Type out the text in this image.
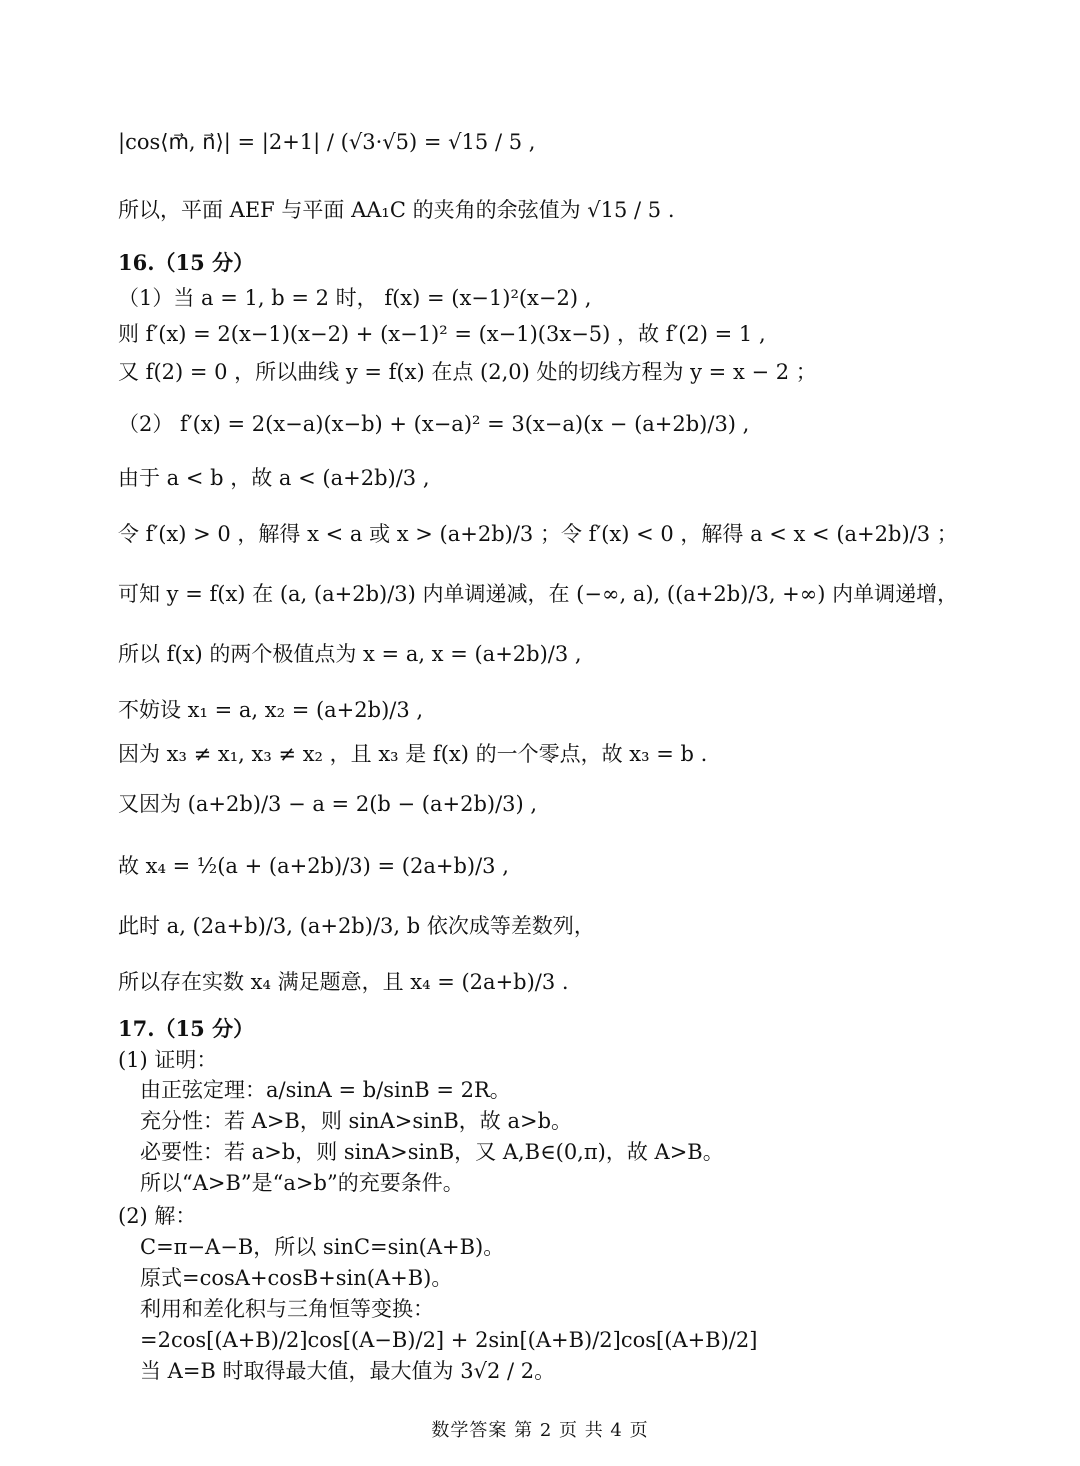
|cos⟨m⃗, n⃗⟩| = |2+1| / (√3·√5) = √15 / 5 ,
所以，平面 AEF 与平面 AA₁C 的夹角的余弦值为 √15 / 5 .
16.（15 分）
（1）当 a = 1, b = 2 时， f(x) = (x−1)²(x−2) ,
则 f′(x) = 2(x−1)(x−2) + (x−1)² = (x−1)(3x−5) ，故 f′(2) = 1 ,
又 f(2) = 0 ，所以曲线 y = f(x) 在点 (2,0) 处的切线方程为 y = x − 2 ；
（2） f′(x) = 2(x−a)(x−b) + (x−a)² = 3(x−a)(x − (a+2b)/3) ,
由于 a < b ，故 a < (a+2b)/3 ,
令 f′(x) > 0 ，解得 x < a 或 x > (a+2b)/3 ；令 f′(x) < 0 ，解得 a < x < (a+2b)/3 ；
可知 y = f(x) 在 (a, (a+2b)/3) 内单调递减，在 (−∞, a), ((a+2b)/3, +∞) 内单调递增，
所以 f(x) 的两个极值点为 x = a, x = (a+2b)/3 ,
不妨设 x₁ = a, x₂ = (a+2b)/3 ,
因为 x₃ ≠ x₁, x₃ ≠ x₂ ，且 x₃ 是 f(x) 的一个零点，故 x₃ = b .
又因为 (a+2b)/3 − a = 2(b − (a+2b)/3) ,
故 x₄ = ½(a + (a+2b)/3) = (2a+b)/3 ,
此时 a, (2a+b)/3, (a+2b)/3, b 依次成等差数列，
所以存在实数 x₄ 满足题意，且 x₄ = (2a+b)/3 .
17.（15 分）
(1) 证明：
由正弦定理：a/sinA = b/sinB = 2R。
充分性：若 A>B，则 sinA>sinB，故 a>b。
必要性：若 a>b，则 sinA>sinB，又 A,B∈(0,π)，故 A>B。
所以“A>B”是“a>b”的充要条件。
(2) 解：
C=π−A−B，所以 sinC=sin(A+B)。
原式=cosA+cosB+sin(A+B)。
利用和差化积与三角恒等变换：
=2cos[(A+B)/2]cos[(A−B)/2] + 2sin[(A+B)/2]cos[(A+B)/2]
当 A=B 时取得最大值，最大值为 3√2 / 2。
数学答案 第 2 页 共 4 页
